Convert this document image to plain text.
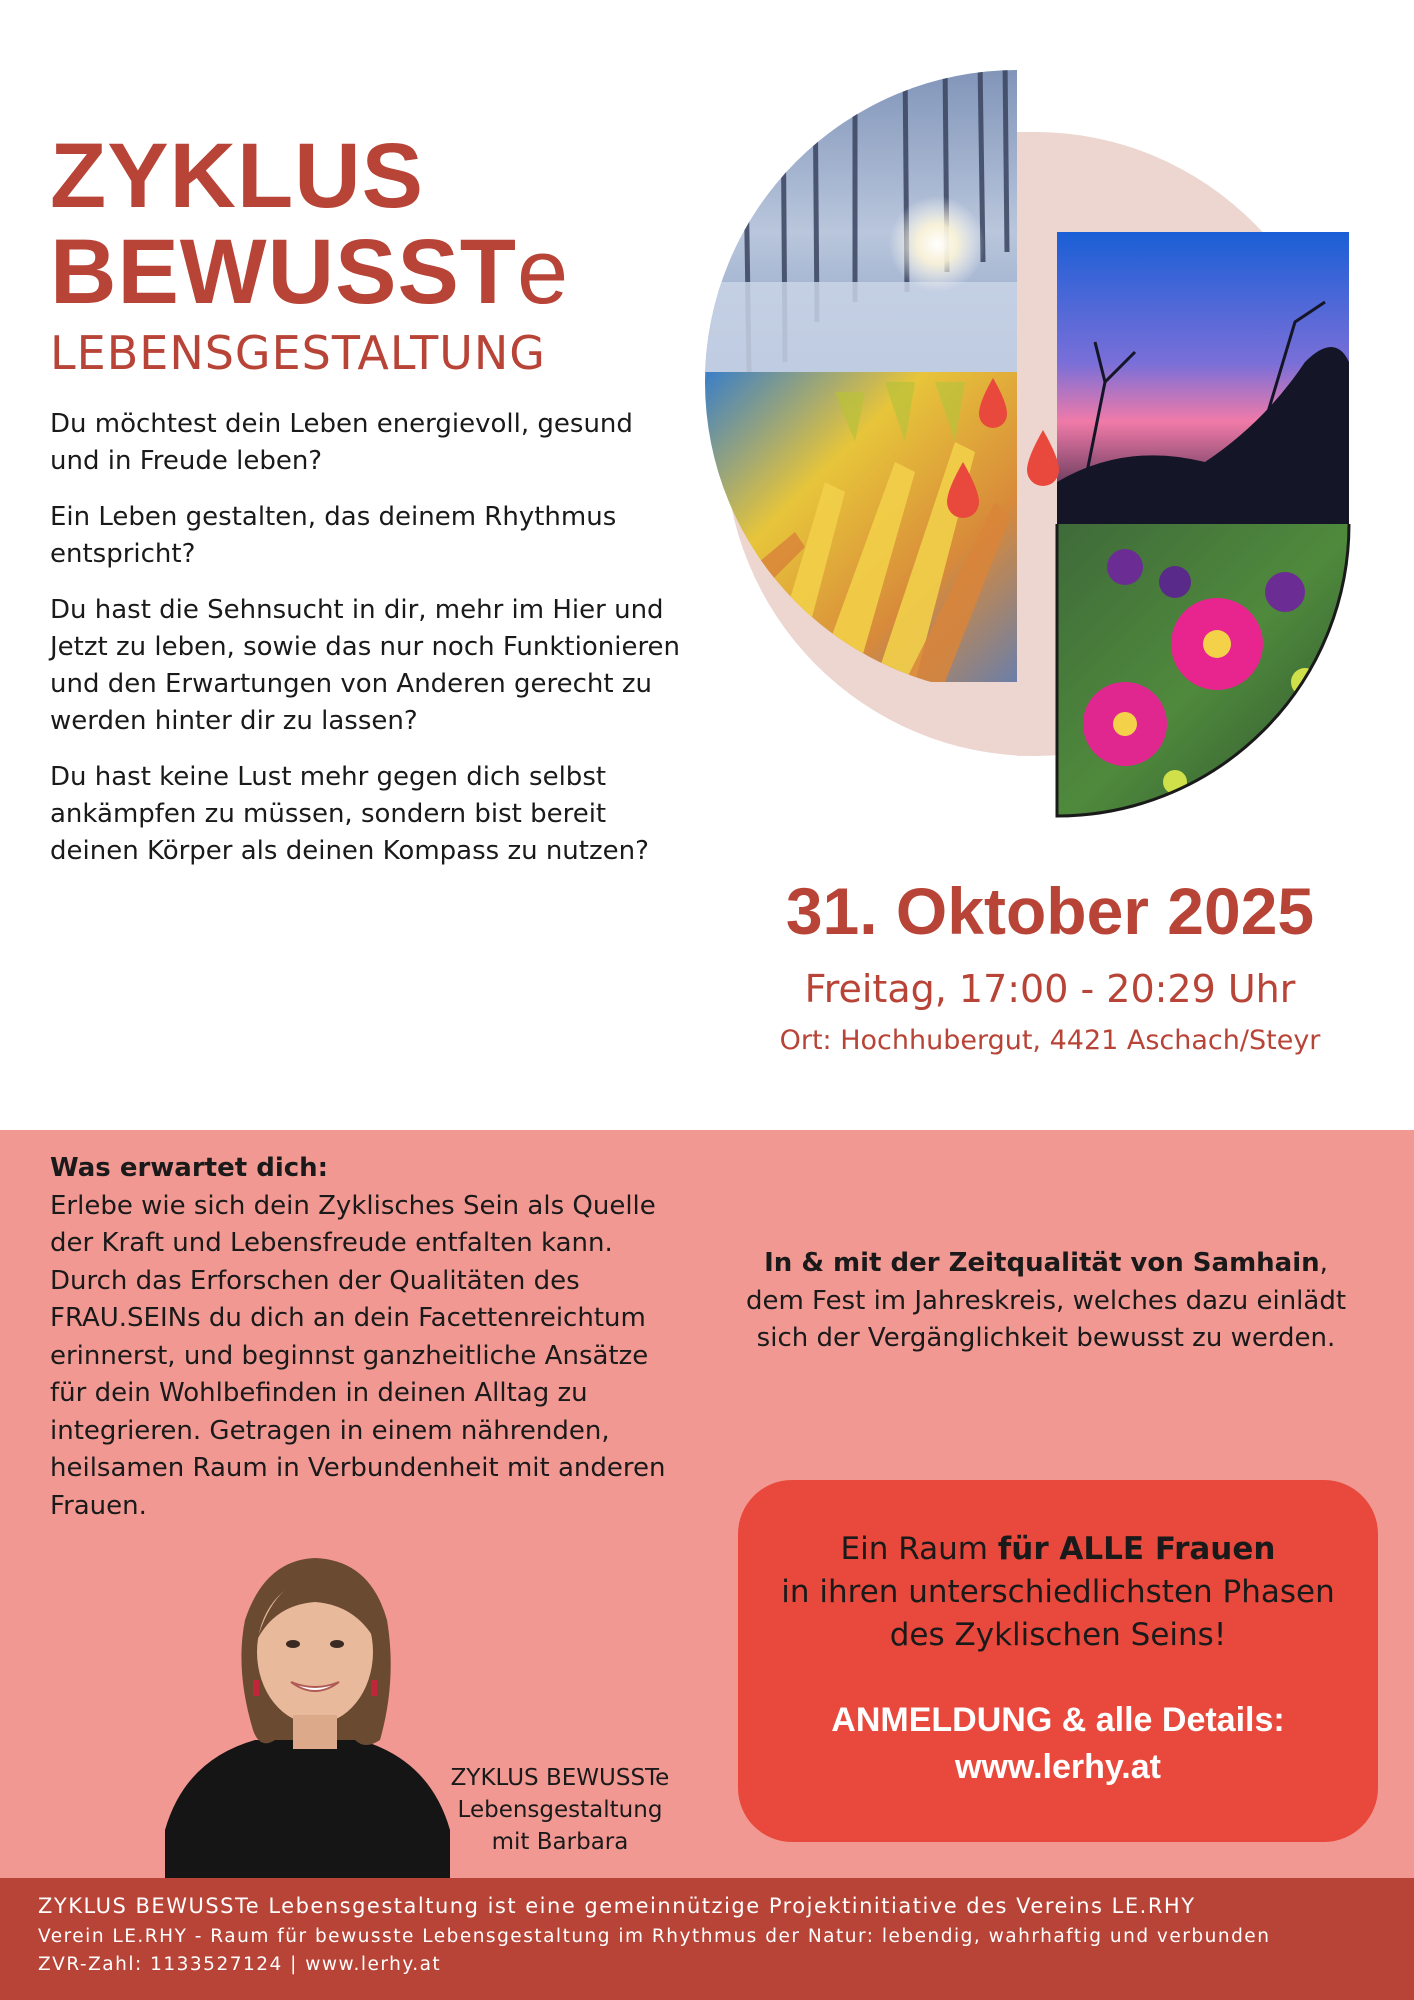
ZYKLUS
BEWUSSTe
LEBENSGESTALTUNG

Du möchtest dein Leben energievoll, gesund und in Freude leben?

Ein Leben gestalten, das deinem Rhythmus entspricht?

Du hast die Sehnsucht in dir, mehr im Hier und Jetzt zu leben, sowie das nur noch Funktionieren und den Erwartungen von Anderen gerecht zu werden hinter dir zu lassen?

Du hast keine Lust mehr gegen dich selbst ankämpfen zu müssen, sondern bist bereit deinen Körper als deinen Kompass zu nutzen?

31. Oktober 2025
Freitag, 17:00 - 20:29 Uhr
Ort: Hochhubergut, 4421 Aschach/Steyr
Was erwartet dich:
Erlebe wie sich dein Zyklisches Sein als Quelle der Kraft und Lebensfreude entfalten kann. Durch das Erforschen der Qualitäten des FRAU.SEINs du dich an dein Facettenreichtum erinnerst, und beginnst ganzheitliche Ansätze für dein Wohlbefinden in deinen Alltag zu integrieren. Getragen in einem nährenden, heilsamen Raum in Verbundenheit mit anderen Frauen.
In & mit der Zeitqualität von Samhain,
dem Fest im Jahreskreis, welches dazu einlädt
sich der Vergänglichkeit bewusst zu werden.
Ein Raum für ALLE Frauen
in ihren unterschiedlichsten Phasen
des Zyklischen Seins!
ANMELDUNG & alle Details:
www.lerhy.at
ZYKLUS BEWUSSTe
Lebensgestaltung
mit Barbara
ZYKLUS BEWUSSTe Lebensgestaltung ist eine gemeinnützige Projektinitiative des Vereins LE.RHY
Verein LE.RHY - Raum für bewusste Lebensgestaltung im Rhythmus der Natur: lebendig, wahrhaftig und verbunden
ZVR-Zahl: 1133527124 | www.lerhy.at
